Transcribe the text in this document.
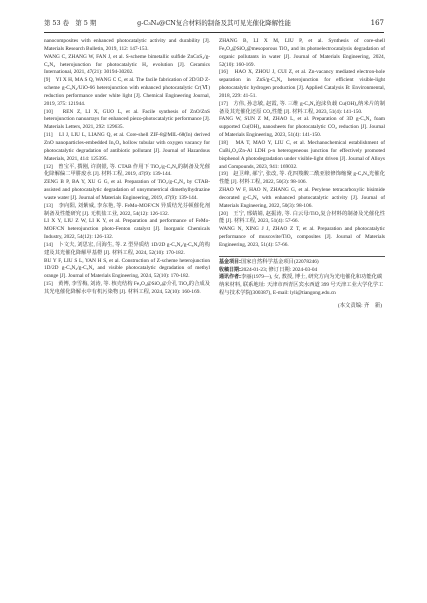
第 53 卷　第 5 期	g-C₃N₄@CN复合材料的制备及其可见光催化降解性能	167
nanocomposites with enhanced photocatalytic activity and durability [J]. Materials Research Bulletin, 2019, 112: 147-153.
WANG C, ZHANG W, FAN J, et al. S-scheme bimetallic sulfide ZnCoS₄/g-C₃N₄ heterojunction for photocatalytic H₂ evolution [J]. Ceramics International, 2021, 47(21): 30194-30202.
[9]　YI X H, MA S Q, WANG C C, et al. The facile fabrication of 2D/3D Z-scheme g-C₃N₄/UiO-66 heterojunction with enhanced photocatalytic Cr(Ⅵ) reduction performance under white light [J]. Chemical Engineering Journal, 2019, 375: 121944.
[10]　REN Z, LI X, GUO L, et al. Facile synthesis of ZnO/ZnS heterojunction nanoarrays for enhanced piezo-photocatalytic performance [J]. Materials Letters, 2021, 292: 129635.
[11]　LI J, LIU L, LIANG Q, et al. Core-shell ZIF-8@MIL-68(In) derived ZnO nanoparticles-embedded In₂O₃ hollow tubular with oxygen vacancy for photocatalytic degradation of antibiotic pollutant [J]. Journal of Hazardous Materials, 2021, 414: 125395.
[12]　曾宝平, 撰刚, 许润银, 等. CTAB 作用下 TiO₂/g-C₃N₄的制备及光催化降解偏二甲肼废水 [J]. 材料工程, 2019, 47(9): 139-144.
ZENG B P, BA Y, XU G G, et al. Preparation of TiO₂/g-C₃N₄ by CTAB-assisted and photocatalytic degradation of unsymmetrical dimethylhydrazine waste water [J]. Journal of Materials Engineering, 2019, 47(9): 139-144.
[13]　李向阳, 刘紫威, 李东艳, 等. FeMo-MOF/CN 异质结光芬顿催化剂制备及性能研究 [J]. 无机盐工业, 2022, 54(12): 126-132.
LI X Y, LIU Z W, LI K Y, et al. Preparation and performance of FeMo-MOF/CN heterojunction photo-Fenton catalyst [J]. Inorganic Chemicals Industry, 2022, 54(12): 126-132.
[14]　卜文夫, 刘思宏, 闫海生, 等. Z 型异质结 1D/2D g-C₃N₄/g-C₃N₄的构建及其光催化降解甲基橙 [J]. 材料工程, 2024, 52(10): 170-182.
BU Y F, LIU S L, YAN H S, et al. Construction of Z-scheme heterojunction 1D/2D g-C₃N₄/g-C₃N₄ and visible photocatalytic degradation of methyl orange [J]. Journal of Materials Engineering, 2024, 52(10): 170-182.
[15]　黄博, 李雪梅, 刘涛, 等. 核壳结构 Fe₃O₄@SiO₂@介孔 TiO₂的合成及其光电催化降解水中有机污染物 [J]. 材料工程, 2024, 52(10): 160-169.
ZHANG B, LI X M, LIU P, et al. Synthesis of core-shell Fe₃O₄@SiO₂@mesoporous TiO₂ and its photoelectrocatalysis degradation of organic pollutants in water [J]. Journal of Materials Engineering, 2024, 52(10): 160-169.
[16]　HAO X, ZHOU J, CUI Z, et al. Zn-vacancy mediated electron-hole separation in ZnS/g-C₃N₄ heterojunction for efficient visible-light photocatalytic hydrogen production [J]. Applied Catalysis B: Environmental, 2018, 229: 41-51.
[17]　方伟, 孙志敏, 赵霞, 等. 三维 g-C₃N₄泡沫负载 Cu(OH)₂纳米片的制备及其光催化还原 CO₂性能 [J]. 材料工程, 2023, 51(4): 141-150.
FANG W, SUN Z M, ZHAO L, et al. Preparation of 3D g-C₃N₄ foam supported Cu(OH)₂ nanosheets for photocatalytic CO₂ reduction [J]. Journal of Materials Engineering, 2023, 51(4): 141-150.
[18]　MA T, MAO Y, LIU C, et al. Mechanochemical establishment of CuBi₂O₄/Zn-Al LDH p-n heterogeneous junction for effectively promoted bisphenol A photodegradation under visible-light driven [J]. Journal of Alloys and Compounds, 2023, 941: 169032.
[19]　赵卫峰, 郝宁, 张改, 等. 花四羧酸二酰亚胺修饰缩聚 g-C₃N₄光催化性能 [J]. 材料工程, 2022, 50(3): 98-106.
ZHAO W F, HAO N, ZHANG G, et al. Perylene tetracarboxylic bisimide decorated g-C₃N₄ with enhanced photocatalytic activity [J]. Journal of Materials Engineering, 2022, 50(3): 98-106.
[20]　王宁, 邢婧婧, 赵振涛, 等. 白云母/TiO₂复合材料的制备及光催化性能 [J]. 材料工程, 2023, 51(4): 57-66.
WANG N, XING J J, ZHAO Z T, et al. Preparation and photocatalytic performance of muscovite/TiO₂ composites [J]. Journal of Materials Engineering, 2023, 51(4): 57-66.
基金项目:国家自然科学基金项目(22078246)
收稿日期:2024-01-23; 修订日期: 2024-03-04
通讯作者:李丽(1979—), 女, 教授, 博士, 研究方向为光电催化和功能化碳纳米材料, 联系地址: 天津市西青区宾水西道 399 号天津工业大学化学工程与技术学院(300387), E-mail: lyli@tiangong.edu.cn
(本文责编: 齐　新)
